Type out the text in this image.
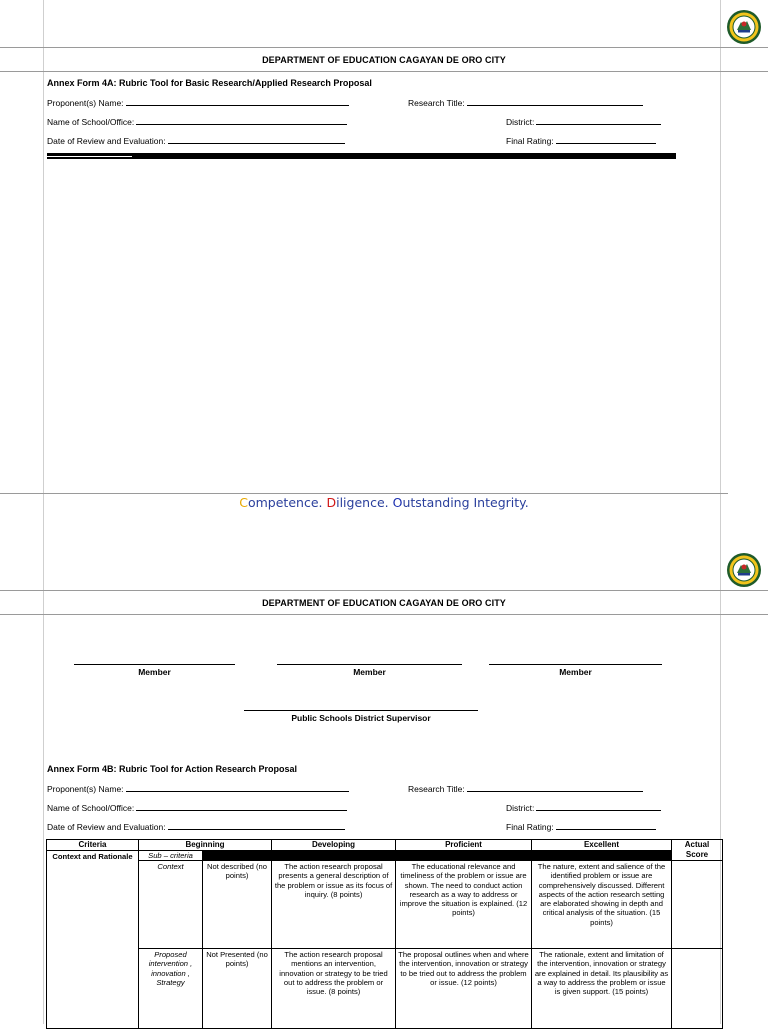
DEPARTMENT OF EDUCATION CAGAYAN DE ORO CITY
Annex Form 4A: Rubric Tool for Basic Research/Applied Research Proposal
Proponent(s) Name:	Research Title:
Name of School/Office:	District:
Date of Review and Evaluation:	Final Rating:
Competence. Diligence. Outstanding Integrity.
DEPARTMENT OF EDUCATION CAGAYAN DE ORO CITY
Member	Member	Member
Public Schools District Supervisor
Annex Form 4B: Rubric Tool for Action Research Proposal
Proponent(s) Name:	Research Title:
Name of School/Office:	District:
Date of Review and Evaluation:	Final Rating:
Criteria	Beginning		Developing	Proficient	Excellent	Actual Score
Context and Rationale	Sub – criteria					
	Context	Not described (no points)	The action research proposal presents a general description of the problem or issue as its focus of inquiry. (8 points)	The educational relevance and timeliness of the problem or issue are shown. The need to conduct action research as a way to address or improve the situation is explained. (12 points)	The nature, extent and salience of the identified problem or issue are comprehensively discussed. Different aspects of the action research setting are elaborated showing in depth and critical analysis of the situation. (15 points)	
	Proposed intervention , innovation , Strategy	Not Presented (no points)	The action research proposal mentions an intervention, innovation or strategy to be tried out to address the problem or issue. (8 points)	The proposal outlines when and where the intervention, innovation or strategy to be tried out to address the problem or issue. (12 points)	The rationale, extent and limitation of the intervention, innovation or strategy are explained in detail. Its plausibility as a way to address the problem or issue is given support. (15 points)	
